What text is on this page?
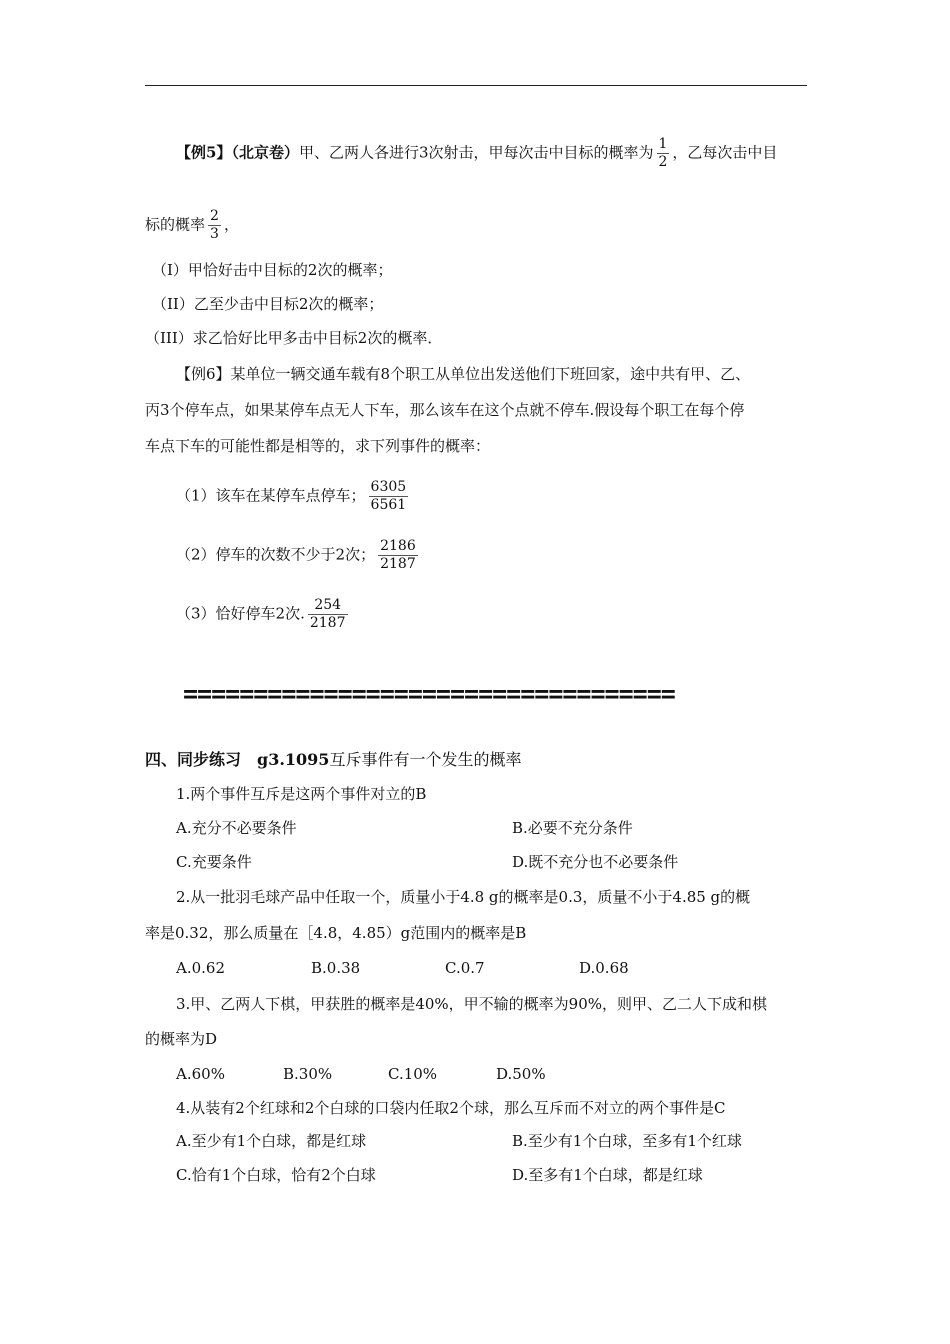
【例5】（北京卷）甲、乙两人各进行3次射击，甲每次击中目标的概率为 $\frac{1}{2}$ ，乙每次击中目
标的概率 $\frac{2}{3}$ ，
（I）甲恰好击中目标的2次的概率；
（II）乙至少击中目标2次的概率；
（III）求乙恰好比甲多击中目标2次的概率．
【例6】某单位一辆交通车载有8个职工从单位出发送他们下班回家，途中共有甲、乙、
丙3个停车点，如果某停车点无人下车，那么该车在这个点就不停车.假设每个职工在每个停
车点下车的可能性都是相等的，求下列事件的概率：
（1）该车在某停车点停车； $\frac{6305}{6561}$
（2）停车的次数不少于2次； $\frac{2186}{2187}$
（3）恰好停车2次. $\frac{254}{2187}$
===================================
四、同步练习　g3.1095互斥事件有一个发生的概率
1.两个事件互斥是这两个事件对立的B
A.充分不必要条件	B.必要不充分条件
C.充要条件	D.既不充分也不必要条件
2.从一批羽毛球产品中任取一个，质量小于4.8 g的概率是0.3，质量不小于4.85 g的概
率是0.32，那么质量在［4.8，4.85）g范围内的概率是B
A.0.62	B.0.38	C.0.7	D.0.68
3.甲、乙两人下棋，甲获胜的概率是40%，甲不输的概率为90%，则甲、乙二人下成和棋
的概率为D
A.60%	B.30%	C.10%	D.50%
4.从装有2个红球和2个白球的口袋内任取2个球，那么互斥而不对立的两个事件是C
A.至少有1个白球，都是红球	B.至少有1个白球，至多有1个红球
C.恰有1个白球，恰有2个白球	D.至多有1个白球，都是红球
